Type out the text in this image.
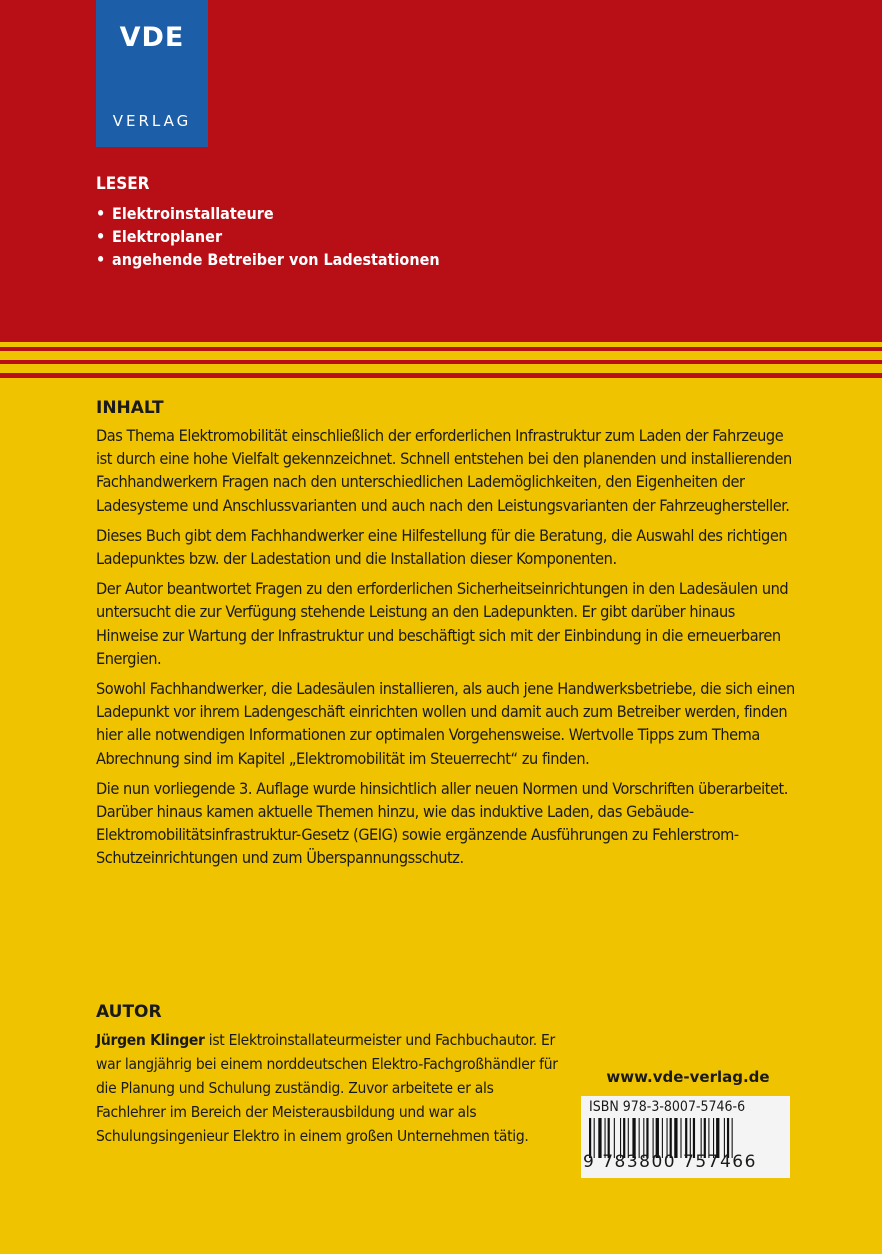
VDE
VERLAG
LESER
• Elektroinstallateure
• Elektroplaner
• angehende Betreiber von Ladestationen
INHALT

Das Thema Elektromobilität einschließlich der erforderlichen Infrastruktur zum Laden der Fahrzeuge ist durch eine hohe Vielfalt gekennzeichnet. Schnell entstehen bei den planenden und installierenden Fachhandwerkern Fragen nach den unterschiedlichen Lademöglichkeiten, den Eigenheiten der Ladesysteme und Anschlussvarianten und auch nach den Leistungsvarianten der Fahrzeughersteller.

Dieses Buch gibt dem Fachhandwerker eine Hilfestellung für die Beratung, die Auswahl des richtigen Ladepunktes bzw. der Ladestation und die Installation dieser Komponenten.

Der Autor beantwortet Fragen zu den erforderlichen Sicherheitseinrichtungen in den Ladesäulen und untersucht die zur Verfügung stehende Leistung an den Ladepunkten. Er gibt darüber hinaus Hinweise zur Wartung der Infrastruktur und beschäftigt sich mit der Einbindung in die erneuerbaren Energien.

Sowohl Fachhandwerker, die Ladesäulen installieren, als auch jene Handwerksbetriebe, die sich einen Ladepunkt vor ihrem Ladengeschäft einrichten wollen und damit auch zum Betreiber werden, finden hier alle notwendigen Informationen zur optimalen Vorgehensweise. Wertvolle Tipps zum Thema Abrechnung sind im Kapitel „Elektromobilität im Steuerrecht“ zu finden.

Die nun vorliegende 3. Auflage wurde hinsichtlich aller neuen Normen und Vorschriften überarbeitet. Darüber hinaus kamen aktuelle Themen hinzu, wie das induktive Laden, das Gebäude-Elektromobilitätsinfrastruktur-Gesetz (GEIG) sowie ergänzende Ausführungen zu Fehlerstrom-Schutzeinrichtungen und zum Überspannungsschutz.

AUTOR

Jürgen Klinger ist Elektroinstallateurmeister und Fachbuchautor. Er war langjährig bei einem norddeutschen Elektro-Fachgroßhändler für die Planung und Schulung zuständig. Zuvor arbeitete er als Fachlehrer im Bereich der Meisterausbildung und war als Schulungsingenieur Elektro in einem großen Unternehmen tätig.

www.vde-verlag.de
ISBN 978-3-8007-5746-6
9 783800 757466
